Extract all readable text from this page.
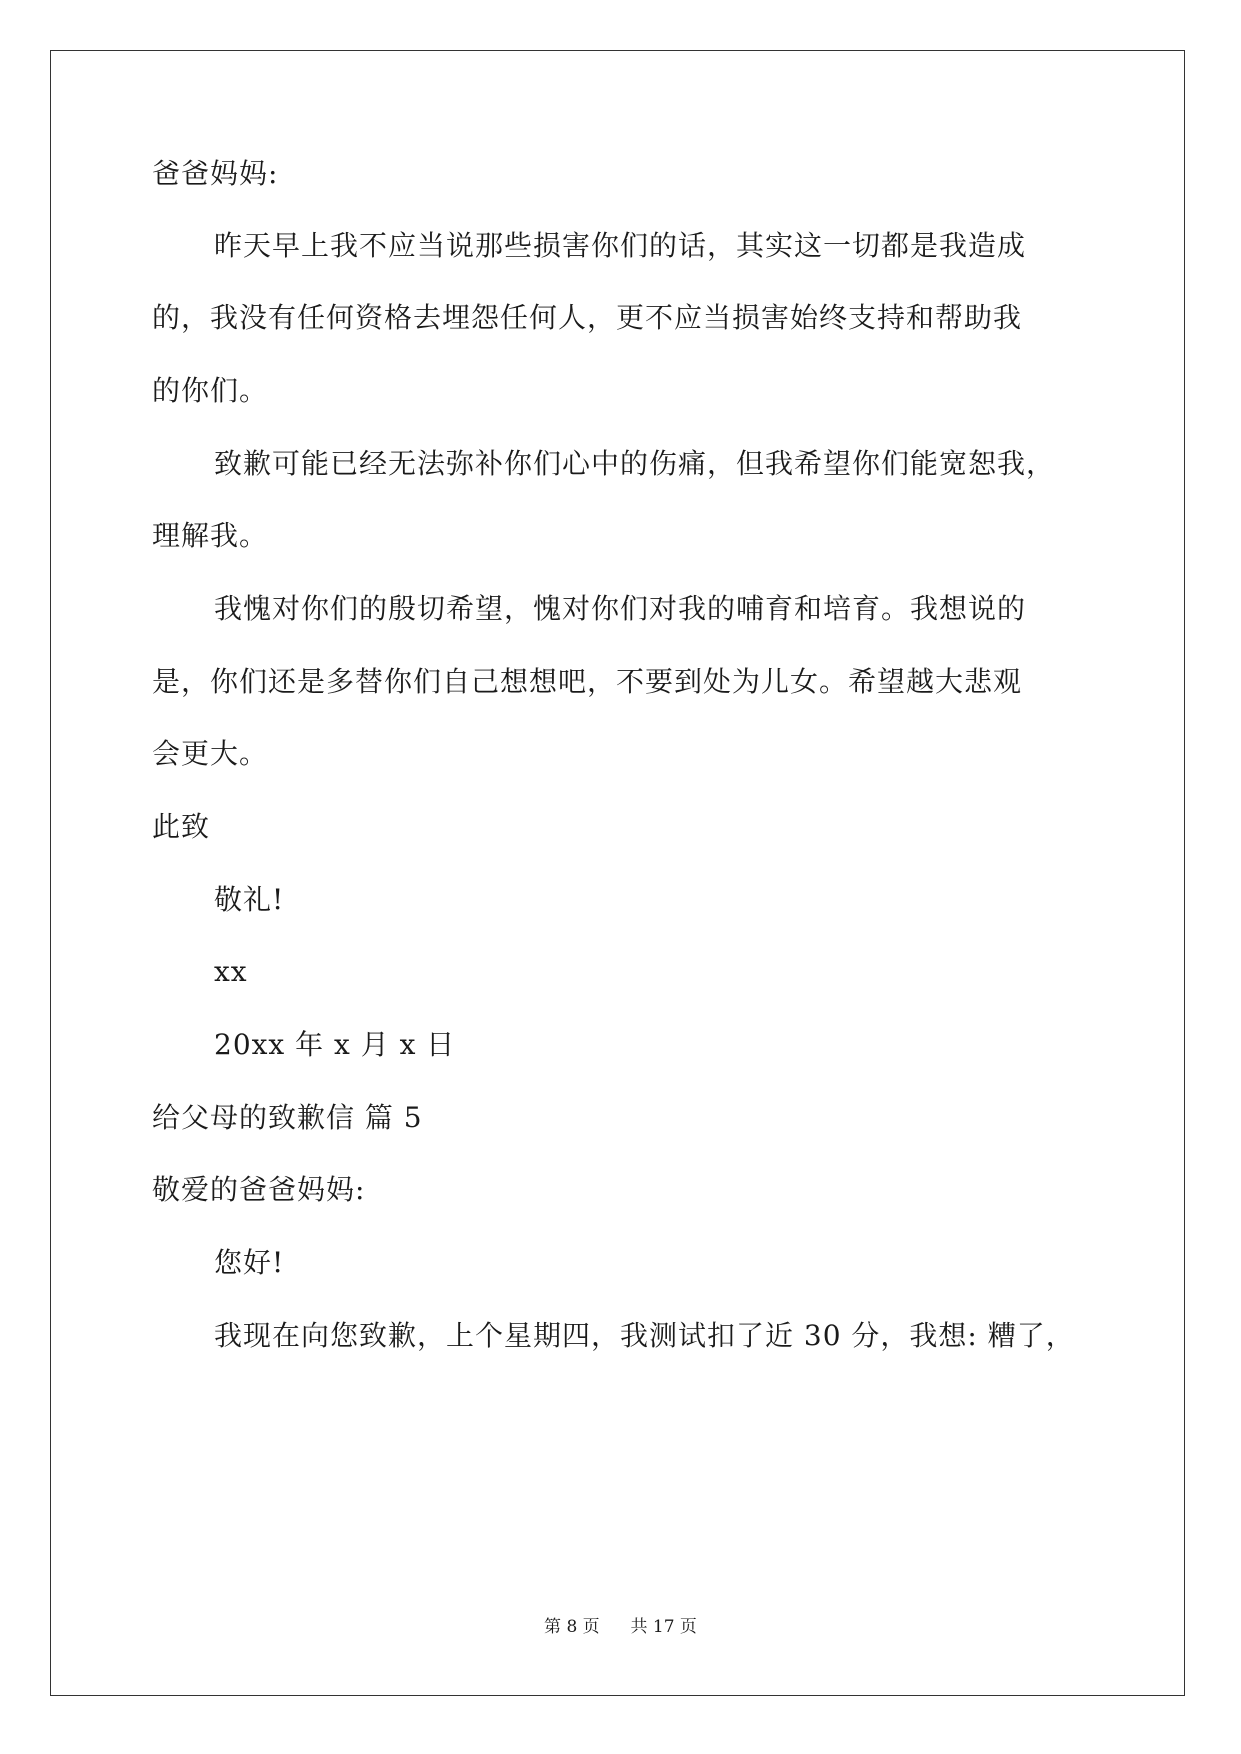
爸爸妈妈:
昨天早上我不应当说那些损害你们的话，其实这一切都是我造成
的，我没有任何资格去埋怨任何人，更不应当损害始终支持和帮助我
的你们。
致歉可能已经无法弥补你们心中的伤痛，但我希望你们能宽恕我，
理解我。
我愧对你们的殷切希望，愧对你们对我的哺育和培育。我想说的
是，你们还是多替你们自己想想吧，不要到处为儿女。希望越大悲观
会更大。
此致
敬礼!
xx
20xx 年 x 月 x 日
给父母的致歉信 篇 5
敬爱的爸爸妈妈:
您好!
我现在向您致歉，上个星期四，我测试扣了近 30 分，我想: 糟了，
第 8 页 共 17 页
